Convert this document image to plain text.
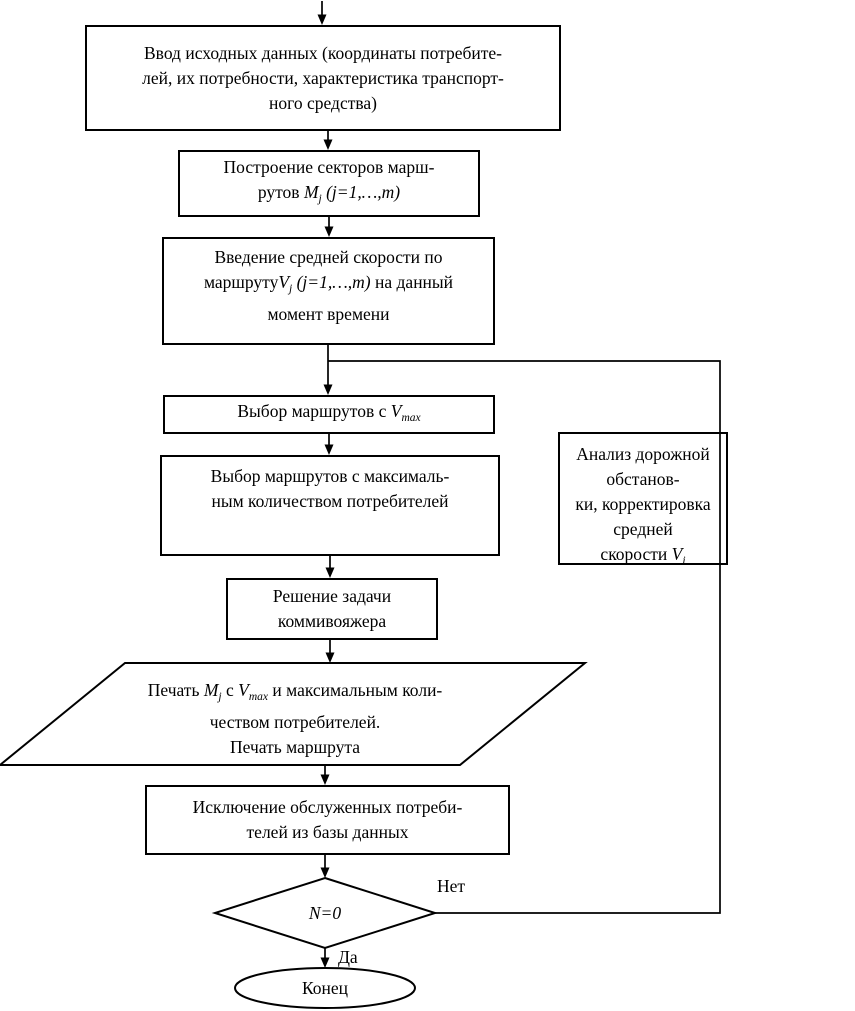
Ввод исходных данных (координаты потребите-
лей, их потребности, характеристика транспорт-
ного средства)
Построение секторов марш-
рутов $M_j$ (j=1,…,m)
Введение средней скорости по
маршрутуV$_j$ (j=1,…,m) на данный
момент времени
Выбор маршрутов с $V_{max}$
Выбор маршрутов с максималь-
ным количеством потребителей
Анализ дорожной обстанов-
ки, корректировка средней
скорости $V_i$
Решение задачи
коммивояжера
Печать $M_j$ с $V_{max}$ и максимальным коли-
чеством потребителей.
Печать маршрута
Исключение обслуженных потреби-
телей из базы данных
N=0
Нет
Да
Конец
